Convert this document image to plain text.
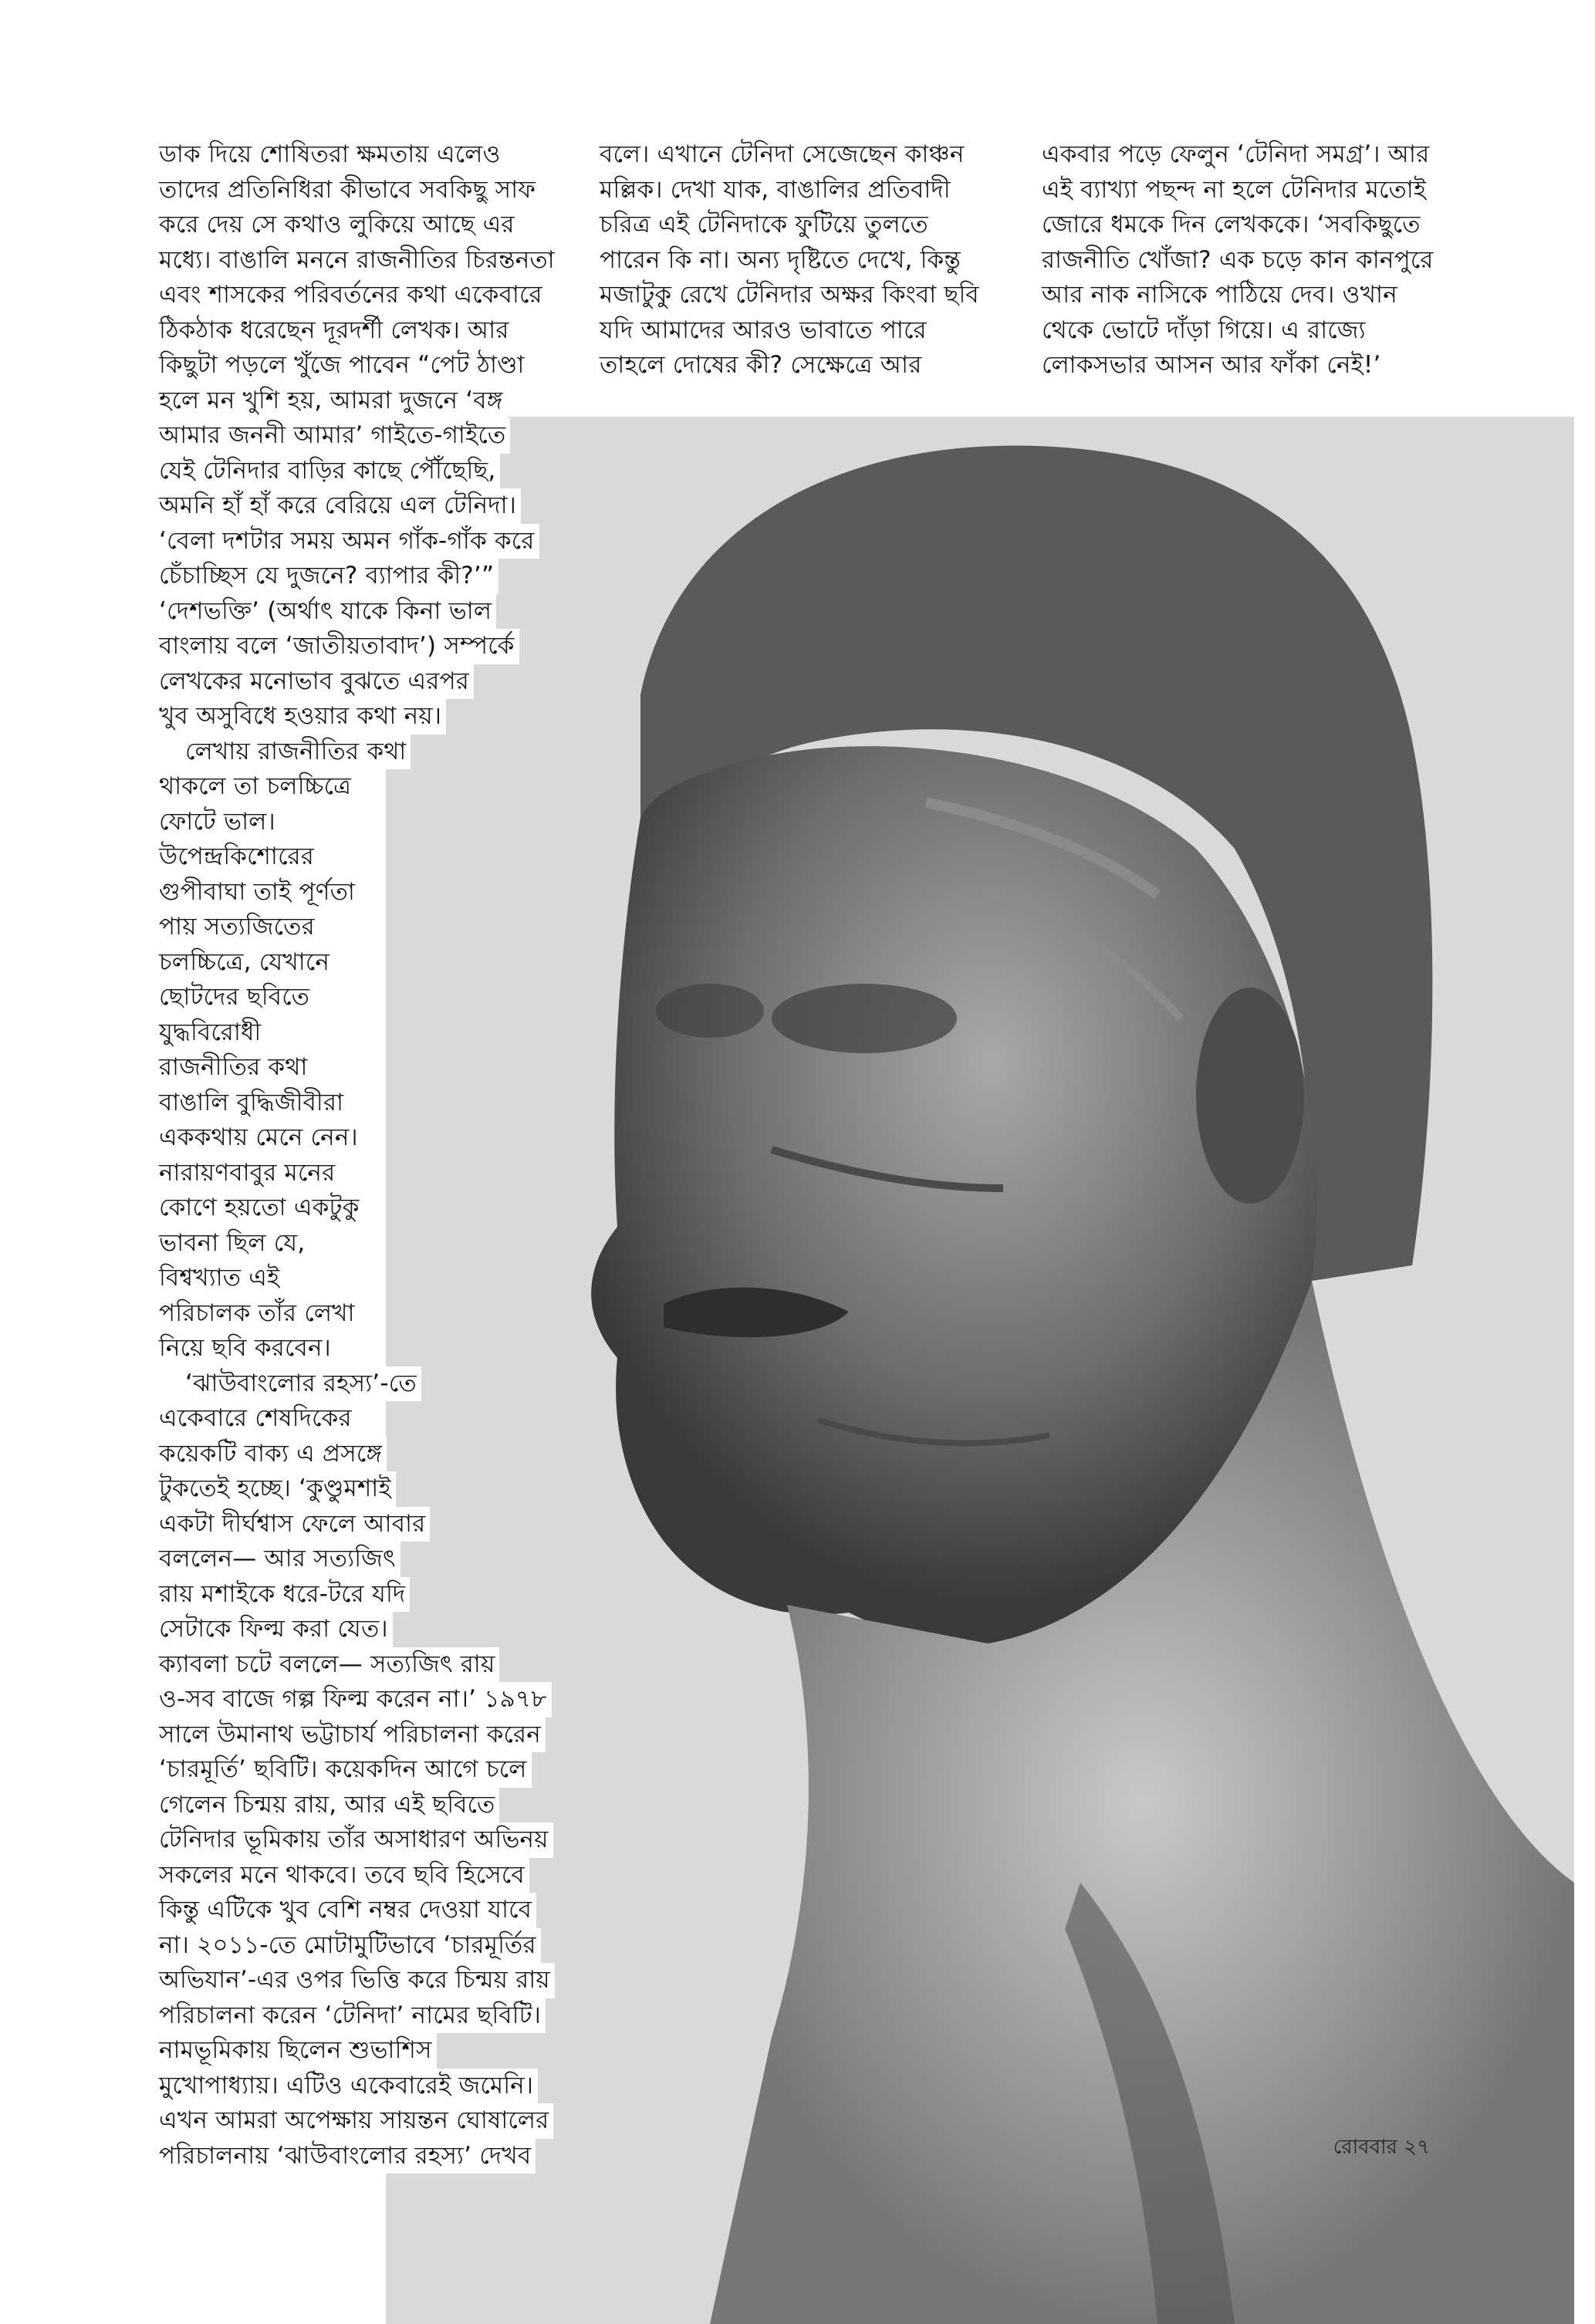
ডাক দিয়ে শোষিতরা ক্ষমতায় এলেও

তাদের প্রতিনিধিরা কীভাবে সবকিছু সাফ

করে দেয় সে কথাও লুকিয়ে আছে এর

মধ্যে। বাঙালি মননে রাজনীতির চিরন্তনতা

এবং শাসকের পরিবর্তনের কথা একেবারে

ঠিকঠাক ধরেছেন দূরদর্শী লেখক। আর

কিছুটা পড়লে খুঁজে পাবেন “পেট ঠাণ্ডা

হলে মন খুশি হয়, আমরা দুজনে ‘বঙ্গ

আমার জননী আমার’ গাইতে-গাইতে

যেই টেনিদার বাড়ির কাছে পৌঁছেছি,

অমনি হাঁ হাঁ করে বেরিয়ে এল টেনিদা।

‘বেলা দশটার সময় অমন গাঁক-গাঁক করে

চেঁচাচ্ছিস যে দুজনে? ব্যাপার কী?’”

‘দেশভক্তি’ (অর্থাৎ যাকে কিনা ভাল

বাংলায় বলে ‘জাতীয়তাবাদ’) সম্পর্কে

লেখকের মনোভাব বুঝতে এরপর

খুব অসুবিধে হওয়ার কথা নয়।

লেখায় রাজনীতির কথা

থাকলে তা চলচ্চিত্রে

ফোটে ভাল।

উপেন্দ্রকিশোরের

গুপীবাঘা তাই পূর্ণতা

পায় সত্যজিতের

চলচ্চিত্রে, যেখানে

ছোটদের ছবিতে

যুদ্ধবিরোধী

রাজনীতির কথা

বাঙালি বুদ্ধিজীবীরা

এককথায় মেনে নেন।

নারায়ণবাবুর মনের

কোণে হয়তো একটুকু

ভাবনা ছিল যে,

বিশ্বখ্যাত এই

পরিচালক তাঁর লেখা

নিয়ে ছবি করবেন।

‘ঝাউবাংলোর রহস্য’-তে

একেবারে শেষদিকের

কয়েকটি বাক্য এ প্রসঙ্গে

টুকতেই হচ্ছে। ‘কুণ্ডুমশাই

একটা দীর্ঘশ্বাস ফেলে আবার

বললেন— আর সত্যজিৎ

রায় মশাইকে ধরে-টরে যদি

সেটাকে ফিল্ম করা যেত।

ক্যাবলা চটে বললে— সত্যজিৎ রায়

ও-সব বাজে গল্প ফিল্ম করেন না।’ ১৯৭৮

সালে উমানাথ ভট্টাচার্য পরিচালনা করেন

‘চারমূর্তি’ ছবিটি। কয়েকদিন আগে চলে

গেলেন চিন্ময় রায়, আর এই ছবিতে

টেনিদার ভূমিকায় তাঁর অসাধারণ অভিনয়

সকলের মনে থাকবে। তবে ছবি হিসেবে

কিন্তু এটিকে খুব বেশি নম্বর দেওয়া যাবে

না। ২০১১-তে মোটামুটিভাবে ‘চারমূর্তির

অভিযান’-এর ওপর ভিত্তি করে চিন্ময় রায়

পরিচালনা করেন ‘টেনিদা’ নামের ছবিটি।

নামভূমিকায় ছিলেন শুভাশিস

মুখোপাধ্যায়। এটিও একেবারেই জমেনি।

এখন আমরা অপেক্ষায় সায়ন্তন ঘোষালের

পরিচালনায় ‘ঝাউবাংলোর রহস্য’ দেখব

বলে। এখানে টেনিদা সেজেছেন কাঞ্চন

মল্লিক। দেখা যাক, বাঙালির প্রতিবাদী

চরিত্র এই টেনিদাকে ফুটিয়ে তুলতে

পারেন কি না। অন্য দৃষ্টিতে দেখে, কিন্তু

মজাটুকু রেখে টেনিদার অক্ষর কিংবা ছবি

যদি আমাদের আরও ভাবাতে পারে

তাহলে দোষের কী? সেক্ষেত্রে আর

একবার পড়ে ফেলুন ‘টেনিদা সমগ্র’। আর

এই ব্যাখ্যা পছন্দ না হলে টেনিদার মতোই

জোরে ধমকে দিন লেখককে। ‘সবকিছুতে

রাজনীতি খোঁজা? এক চড়ে কান কানপুরে

আর নাক নাসিকে পাঠিয়ে দেব। ওখান

থেকে ভোটে দাঁড়া গিয়ে। এ রাজ্যে

লোকসভার আসন আর ফাঁকা নেই!’

রোববার ২৭
